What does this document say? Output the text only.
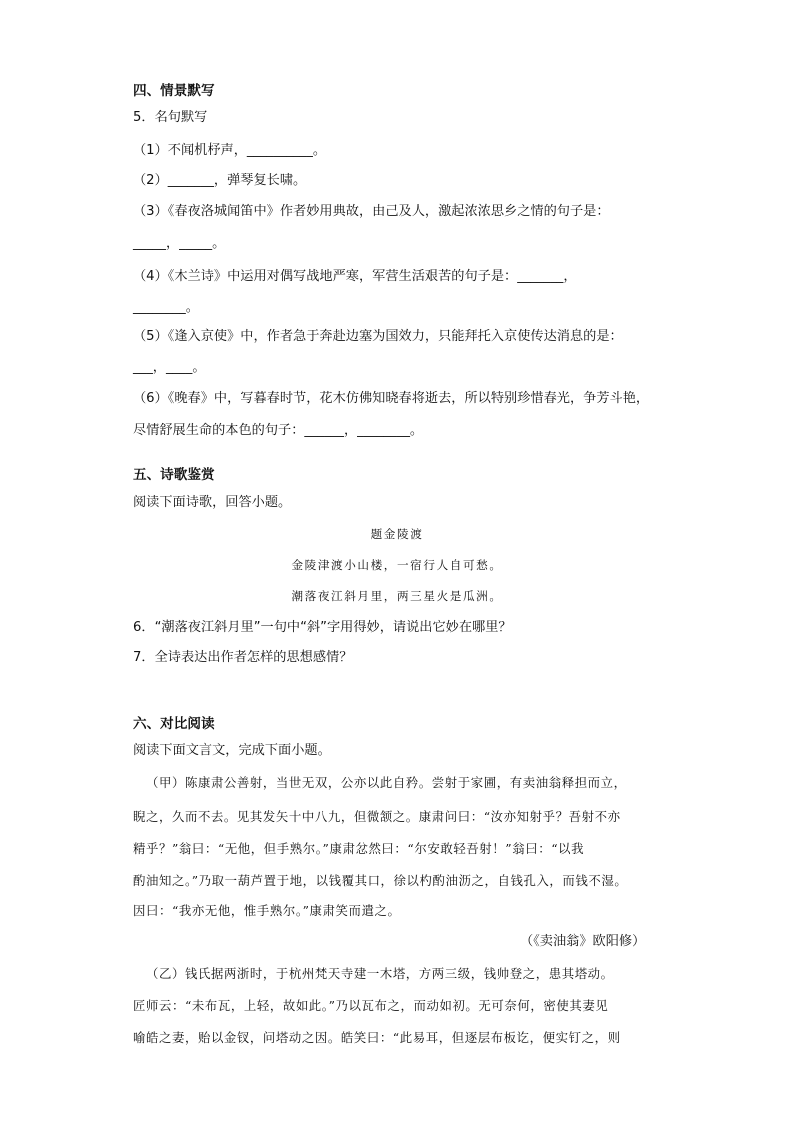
四、情景默写
5．名句默写
（1）不闻机杼声，__________。
（2）_______，弹琴复长啸。
（3）《春夜洛城闻笛中》作者妙用典故，由己及人，激起浓浓思乡之情的句子是：
_____，_____。
（4）《木兰诗》中运用对偶写战地严寒，军营生活艰苦的句子是：_______，
________。
（5）《逢入京使》中，作者急于奔赴边塞为国效力，只能拜托入京使传达消息的是：
___，____。
（6）《晚春》中，写暮春时节，花木仿佛知晓春将逝去，所以特别珍惜春光，争芳斗艳，
尽情舒展生命的本色的句子：______，________。
五、诗歌鉴赏
阅读下面诗歌，回答小题。
题金陵渡
金陵津渡小山楼，一宿行人自可愁。
潮落夜江斜月里，两三星火是瓜洲。
6．“潮落夜江斜月里”一句中“斜”字用得妙，请说出它妙在哪里？
7．全诗表达出作者怎样的思想感情？
六、对比阅读
阅读下面文言文，完成下面小题。
（甲）陈康肃公善射，当世无双，公亦以此自矜。尝射于家圃，有卖油翁释担而立，
睨之，久而不去。见其发矢十中八九，但微颔之。康肃问曰：“汝亦知射乎？吾射不亦
精乎？”翁曰：“无他，但手熟尔。”康肃忿然曰：“尔安敢轻吾射！”翁曰：“以我
酌油知之。”乃取一葫芦置于地，以钱覆其口，徐以杓酌油沥之，自钱孔入，而钱不湿。
因曰：“我亦无他，惟手熟尔。”康肃笑而遣之。
（《卖油翁》欧阳修）
（乙）钱氏据两浙时，于杭州梵天寺建一木塔，方两三级，钱帅登之，患其塔动。
匠师云：“未布瓦，上轻，故如此。”乃以瓦布之，而动如初。无可奈何，密使其妻见
喻皓之妻，贻以金钗，问塔动之因。皓笑曰：“此易耳，但逐层布板讫，便实钉之，则
